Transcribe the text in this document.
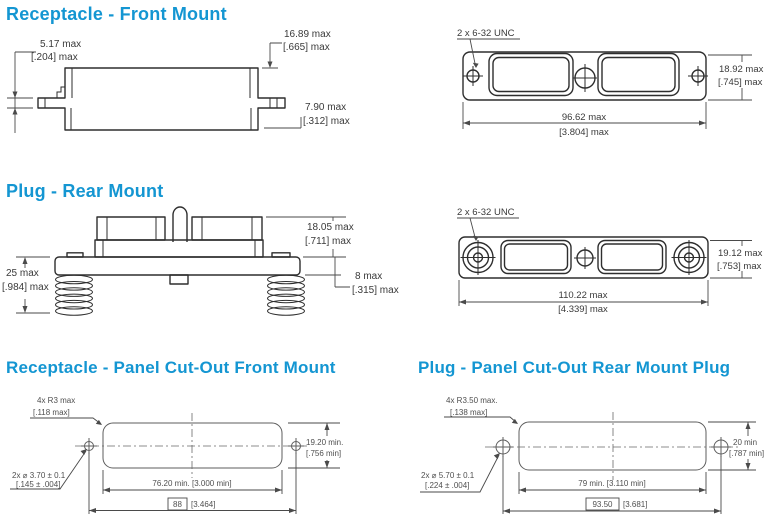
Receptacle - Front Mount
Plug - Rear Mount
Receptacle - Panel Cut-Out Front Mount	Plug - Panel Cut-Out Rear Mount Plug
5.17 max
[.204] max
16.89 max
[.665] max
7.90 max
[.312] max
2 x 6-32 UNC
18.92 max
[.745] max
96.62 max
[3.804] max
18.05 max
[.711] max
25 max
[.984] max
8 max
[.315] max
2 x 6-32 UNC
19.12 max
[.753] max
110.22 max
[4.339] max
4x R3 max
[.118 max]
2x ⌀ 3.70 ± 0.1
[.145 ± .004]
19.20 min.
[.756 min]
76.20 min. [3.000 min]
88 [3.464]
4x R3.50 max.
[.138 max]
2x ⌀ 5.70 ± 0.1
[.224 ± .004]
20 min
[.787 min]
79 min. [3.110 min]
93.50 [3.681]
